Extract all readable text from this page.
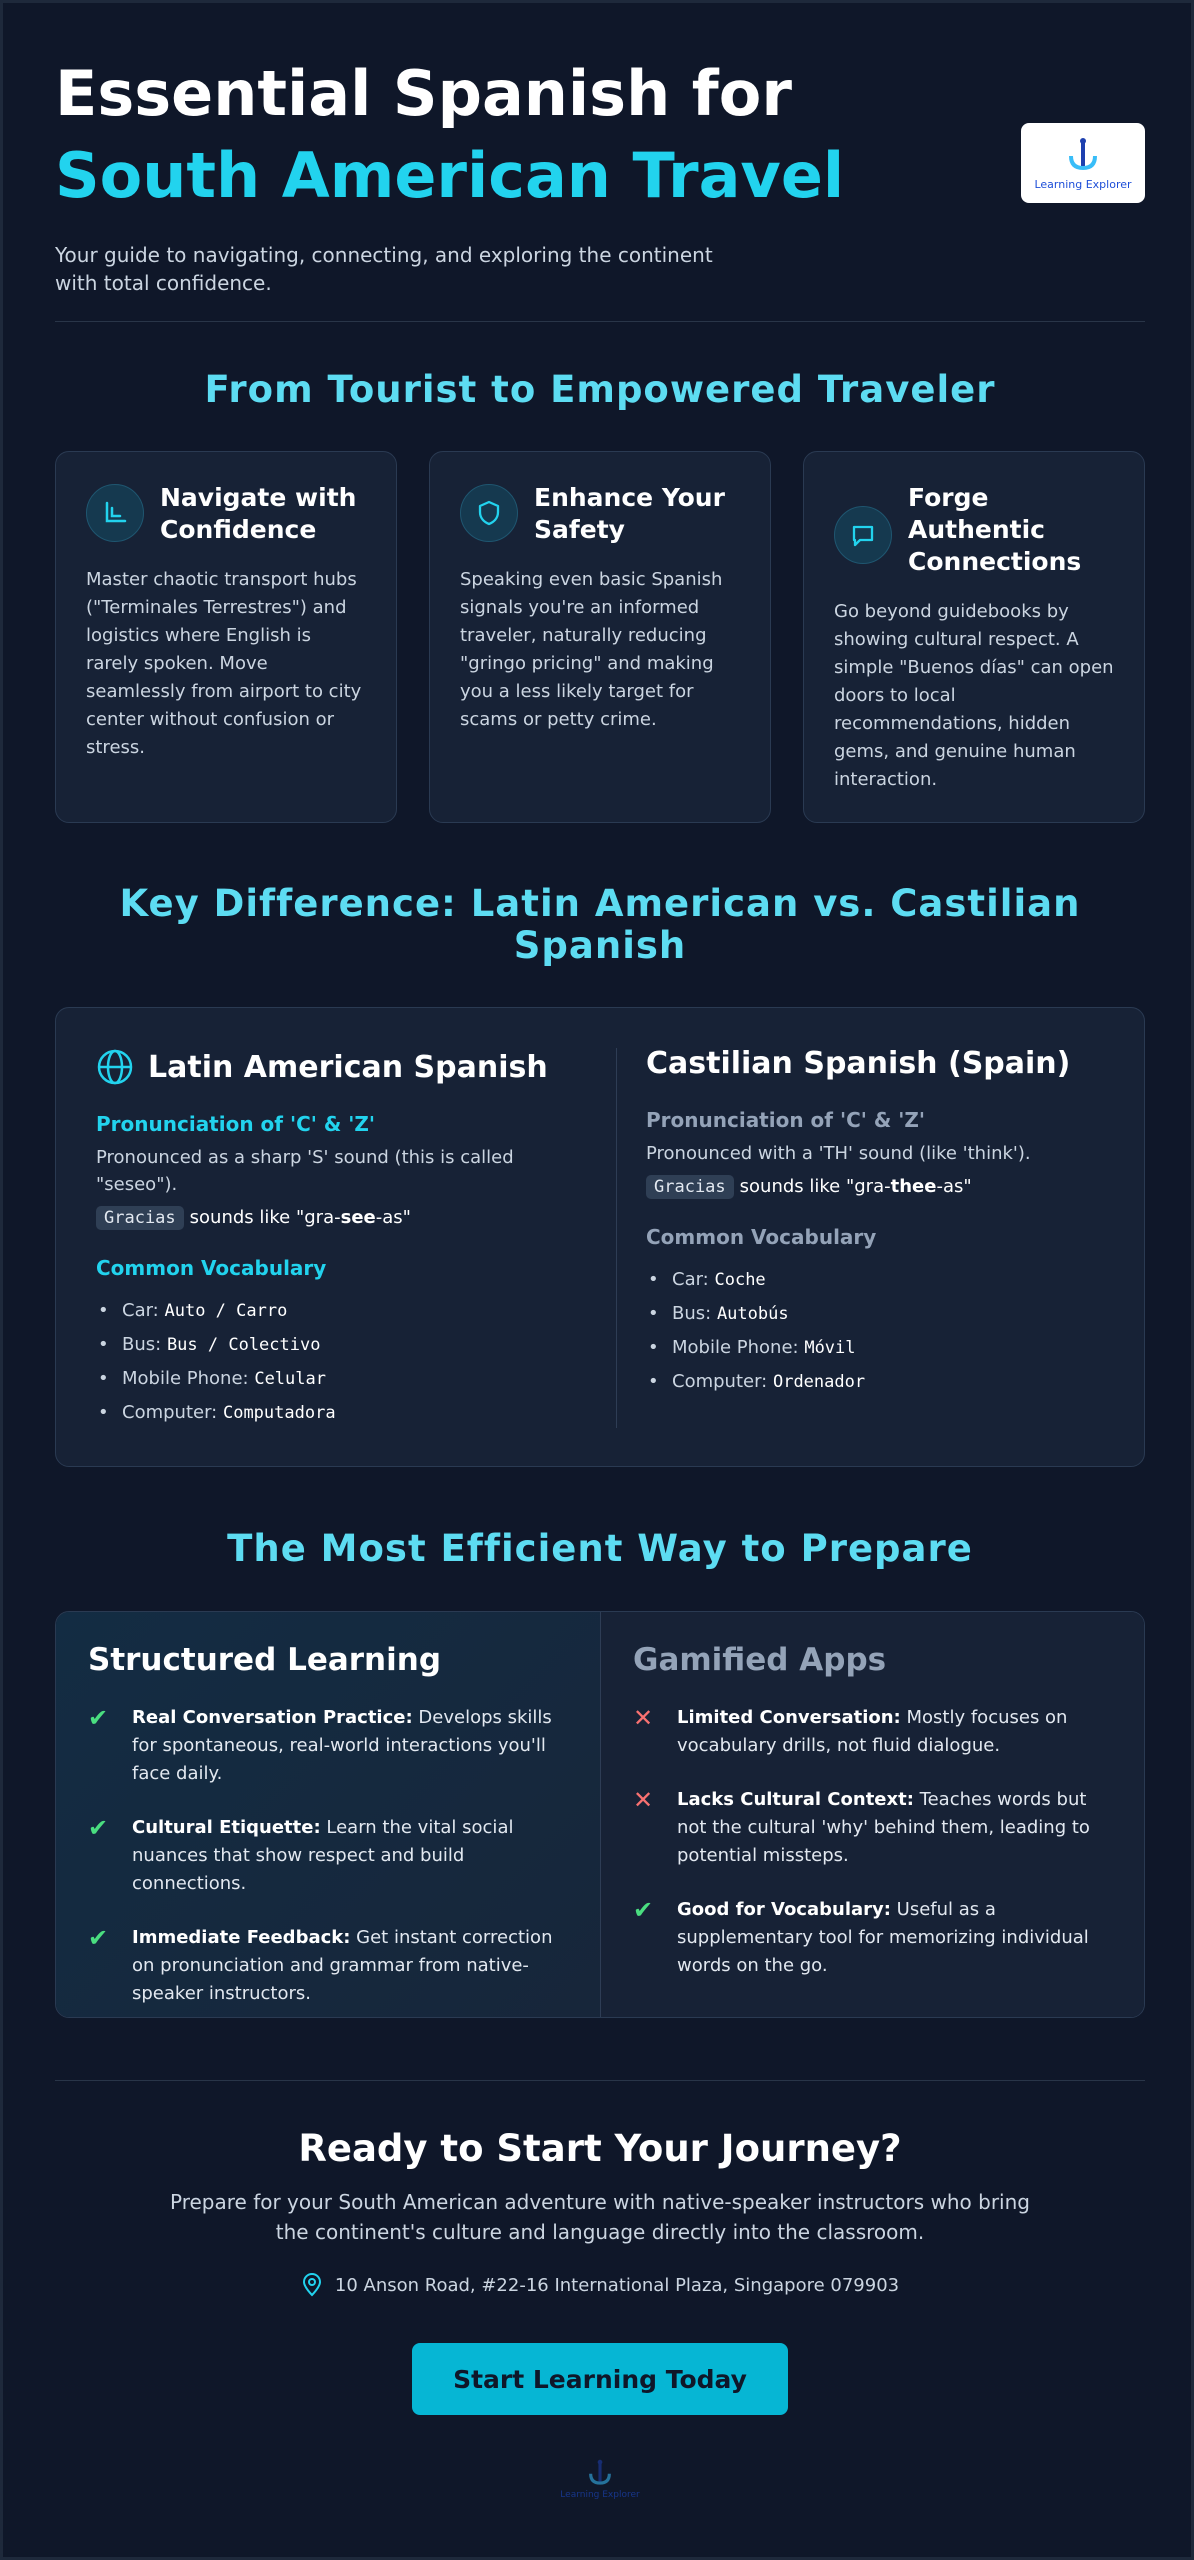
Essential Spanish for
South American Travel
Your guide to navigating, connecting, and exploring the continent with total confidence.
Learning Explorer
From Tourist to Empowered Traveler
Navigate with Confidence
Master chaotic transport hubs ("Terminales Terrestres") and logistics where English is rarely spoken. Move seamlessly from airport to city center without confusion or stress.
Enhance Your Safety
Speaking even basic Spanish signals you're an informed traveler, naturally reducing "gringo pricing" and making you a less likely target for scams or petty crime.
Forge Authentic Connections
Go beyond guidebooks by showing cultural respect. A simple "Buenos días" can open doors to local recommendations, hidden gems, and genuine human interaction.
Key Difference: Latin American vs. Castilian Spanish
Latin American Spanish
Pronunciation of 'C' & 'Z'
Pronounced as a sharp 'S' sound (this is called "seseo").
Gracias sounds like "gra-see-as"
Common Vocabulary
• Car: Auto / Carro
• Bus: Bus / Colectivo
• Mobile Phone: Celular
• Computer: Computadora
Castilian Spanish (Spain)
Pronunciation of 'C' & 'Z'
Pronounced with a 'TH' sound (like 'think').
Gracias sounds like "gra-thee-as"
Common Vocabulary
• Car: Coche
• Bus: Autobús
• Mobile Phone: Móvil
• Computer: Ordenador
The Most Efficient Way to Prepare
Structured Learning
✔	Real Conversation Practice: Develops skills for spontaneous, real-world interactions you'll face daily.
✔	Cultural Etiquette: Learn the vital social nuances that show respect and build connections.
✔	Immediate Feedback: Get instant correction on pronunciation and grammar from native-speaker instructors.
Gamified Apps
✕	Limited Conversation: Mostly focuses on vocabulary drills, not fluid dialogue.
✕	Lacks Cultural Context: Teaches words but not the cultural 'why' behind them, leading to potential missteps.
✔	Good for Vocabulary: Useful as a supplementary tool for memorizing individual words on the go.
Ready to Start Your Journey?
Prepare for your South American adventure with native-speaker instructors who bring the continent's culture and language directly into the classroom.
10 Anson Road, #22-16 International Plaza, Singapore 079903
Start Learning Today
Learning Explorer
